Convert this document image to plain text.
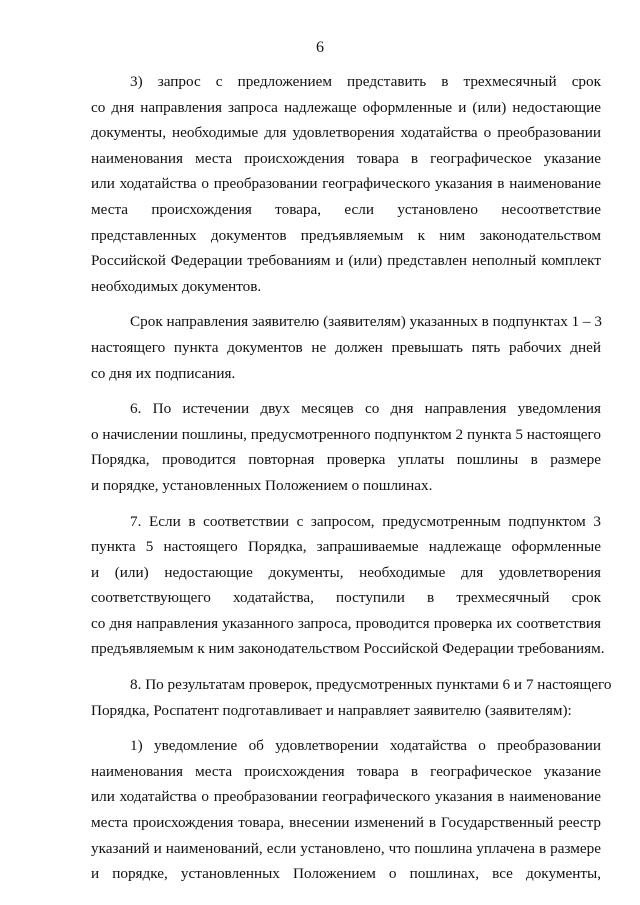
6
3) запрос с предложением представить в трехмесячный срок
со дня направления запроса надлежаще оформленные и (или) недостающие
документы, необходимые для удовлетворения ходатайства о преобразовании
наименования места происхождения товара в географическое указание
или ходатайства о преобразовании географического указания в наименование
места происхождения товара, если установлено несоответствие
представленных документов предъявляемым к ним законодательством
Российской Федерации требованиям и (или) представлен неполный комплект
необходимых документов.
Срок направления заявителю (заявителям) указанных в подпунктах 1 – 3
настоящего пункта документов не должен превышать пять рабочих дней
со дня их подписания.
6. По истечении двух месяцев со дня направления уведомления
о начислении пошлины, предусмотренного подпунктом 2 пункта 5 настоящего
Порядка, проводится повторная проверка уплаты пошлины в размере
и порядке, установленных Положением о пошлинах.
7. Если в соответствии с запросом, предусмотренным подпунктом 3
пункта 5 настоящего Порядка, запрашиваемые надлежаще оформленные
и (или) недостающие документы, необходимые для удовлетворения
соответствующего ходатайства, поступили в трехмесячный срок
со дня направления указанного запроса, проводится проверка их соответствия
предъявляемым к ним законодательством Российской Федерации требованиям.
8. По результатам проверок, предусмотренных пунктами 6 и 7 настоящего
Порядка, Роспатент подготавливает и направляет заявителю (заявителям):
1) уведомление об удовлетворении ходатайства о преобразовании
наименования места происхождения товара в географическое указание
или ходатайства о преобразовании географического указания в наименование
места происхождения товара, внесении изменений в Государственный реестр
указаний и наименований, если установлено, что пошлина уплачена в размере
и порядке, установленных Положением о пошлинах, все документы,
